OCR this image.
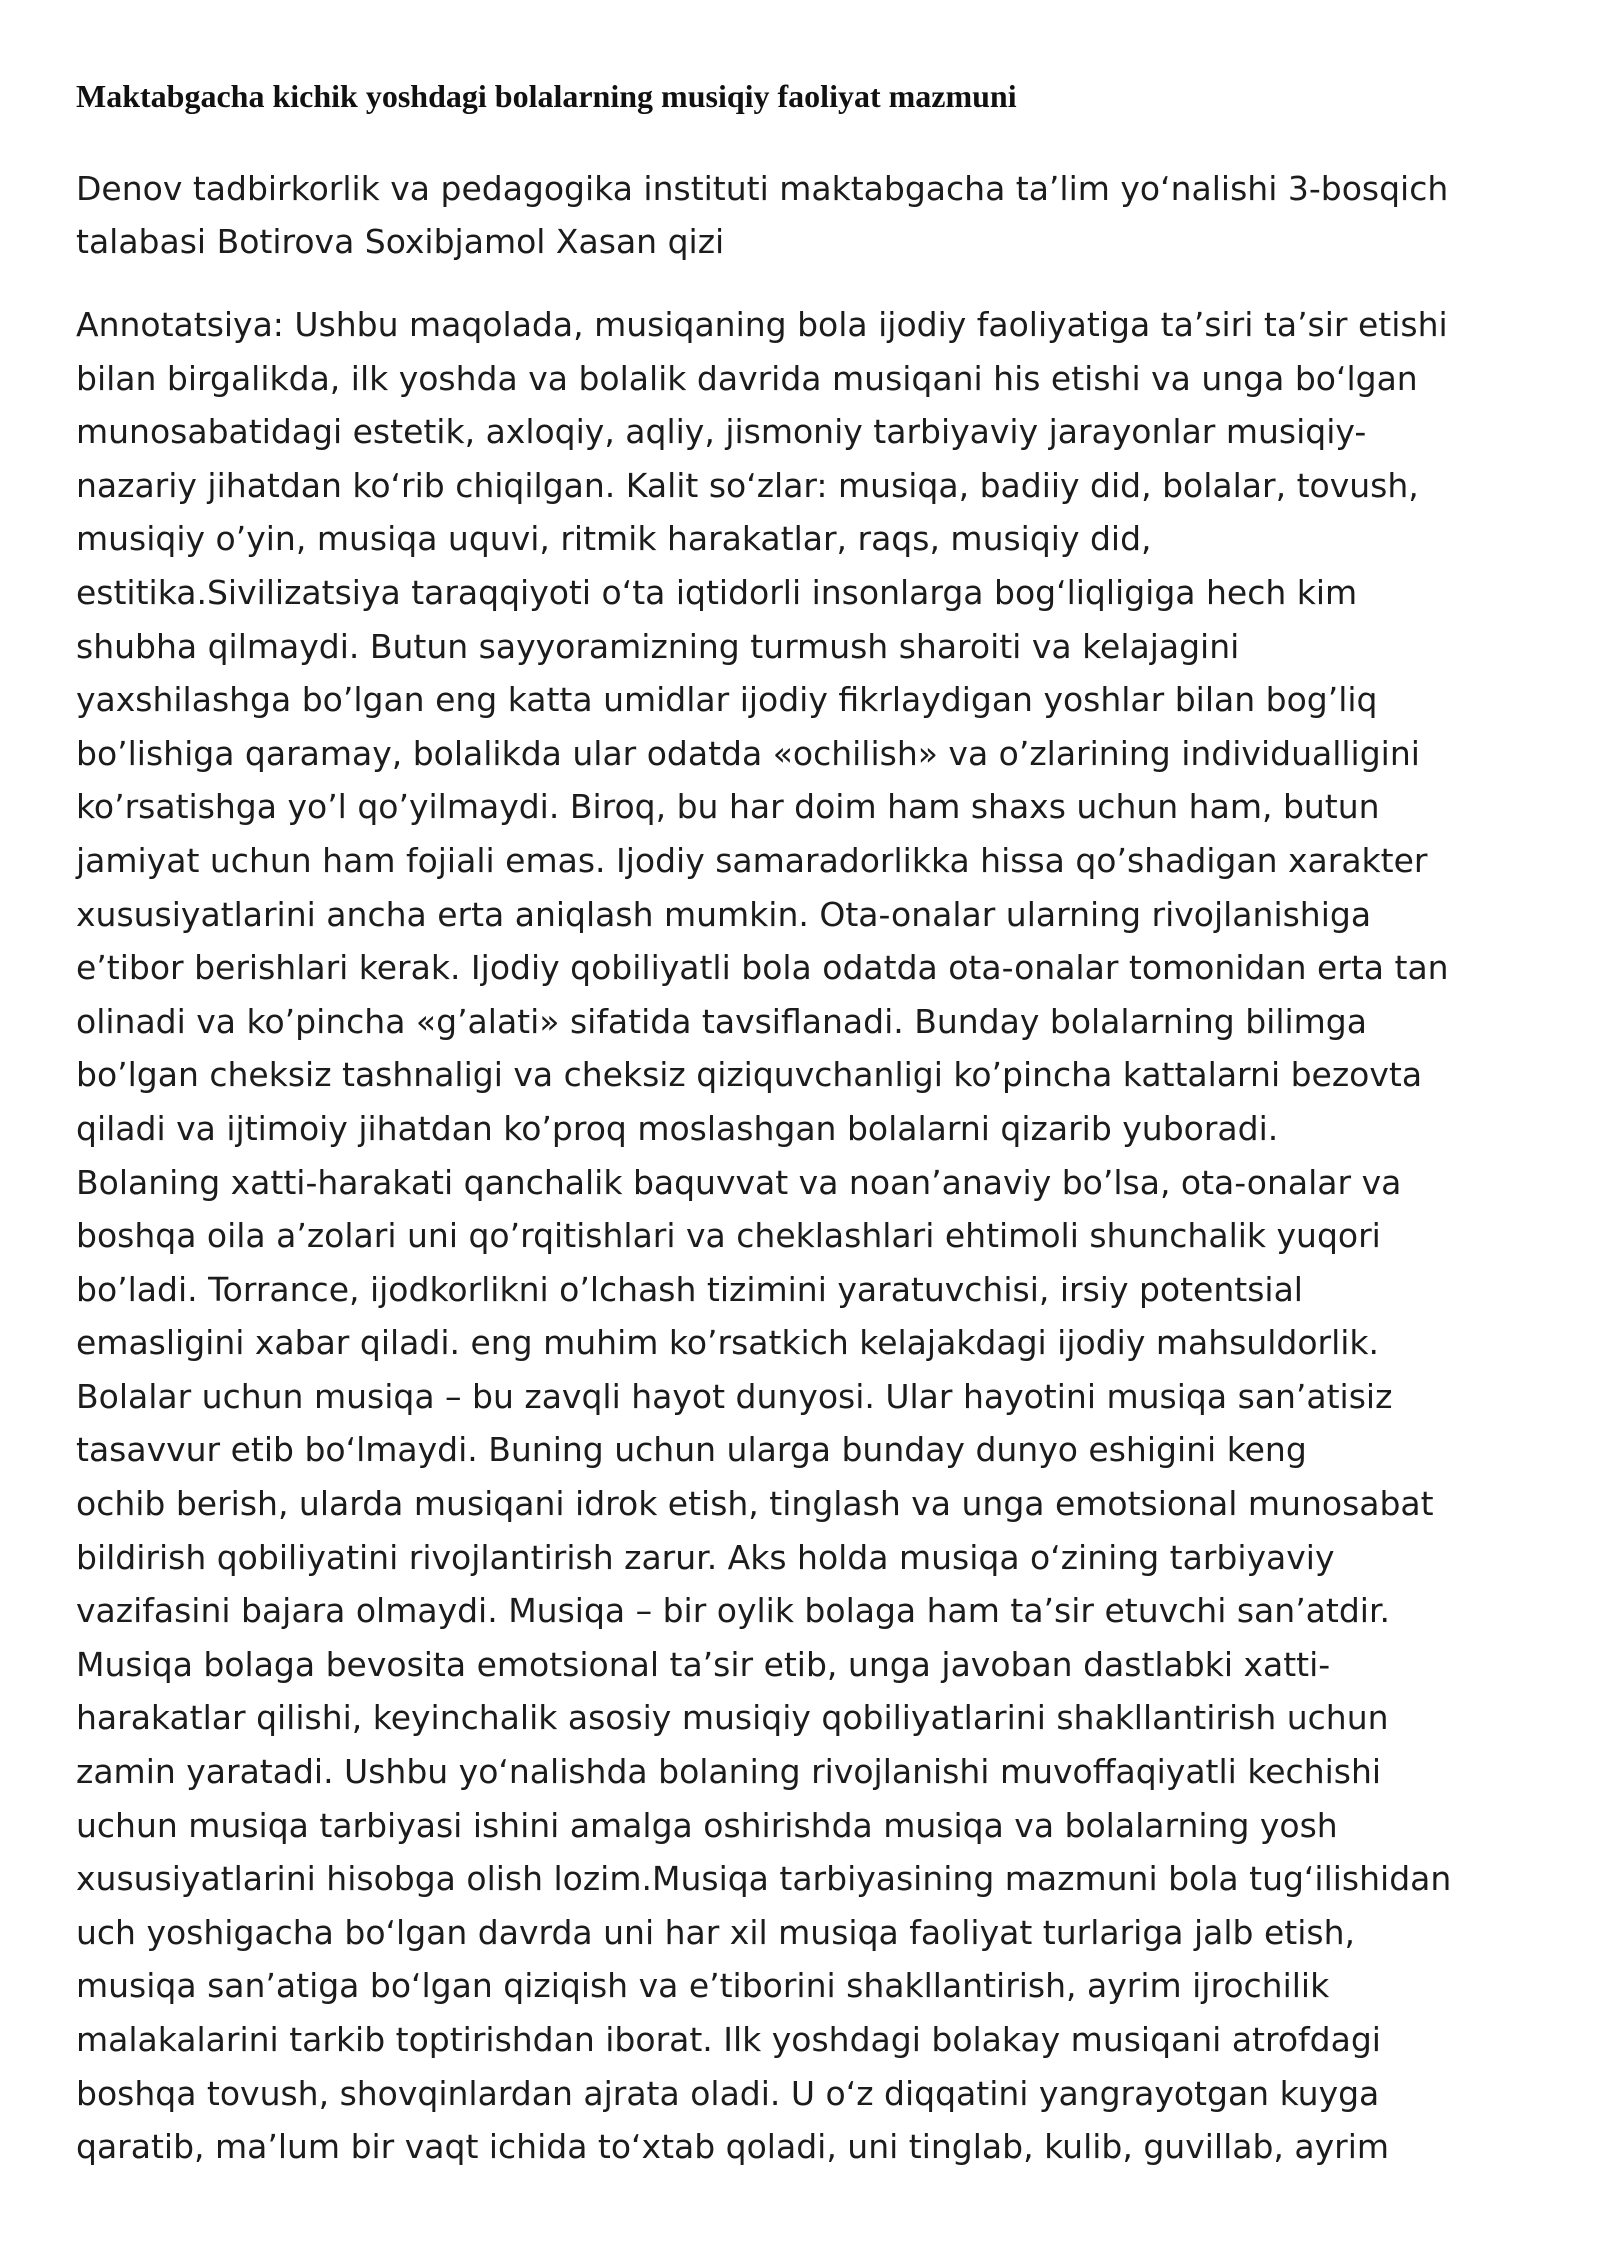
Maktabgacha kichik yoshdagi bolalarning musiqiy faoliyat mazmuni
Denov tadbirkorlik va pedagogika instituti maktabgacha ta’lim yo‘nalishi 3-bosqich
talabasi Botirova Soxibjamol Xasan qizi
Annotatsiya: Ushbu maqolada, musiqaning bola ijodiy faoliyatiga ta’siri ta’sir etishi
bilan birgalikda, ilk yoshda va bolalik davrida musiqani his etishi va unga bo‘lgan
munosabatidagi estetik, axloqiy, aqliy, jismoniy tarbiyaviy jarayonlar musiqiy-
nazariy jihatdan ko‘rib chiqilgan. Kalit so‘zlar: musiqa, badiiy did, bolalar, tovush,
musiqiy o’yin, musiqa uquvi, ritmik harakatlar, raqs, musiqiy did,
estitika.Sivilizatsiya taraqqiyoti o‘ta iqtidorli insonlarga bog‘liqligiga hech kim
shubha qilmaydi. Butun sayyoramizning turmush sharoiti va kelajagini
yaxshilashga bo’lgan eng katta umidlar ijodiy fikrlaydigan yoshlar bilan bog’liq
bo’lishiga qaramay, bolalikda ular odatda «ochilish» va o’zlarining individualligini
ko’rsatishga yo’l qo’yilmaydi. Biroq, bu har doim ham shaxs uchun ham, butun
jamiyat uchun ham fojiali emas. Ijodiy samaradorlikka hissa qo’shadigan xarakter
xususiyatlarini ancha erta aniqlash mumkin. Ota-onalar ularning rivojlanishiga
e’tibor berishlari kerak. Ijodiy qobiliyatli bola odatda ota-onalar tomonidan erta tan
olinadi va ko’pincha «g’alati» sifatida tavsiflanadi. Bunday bolalarning bilimga
bo’lgan cheksiz tashnaligi va cheksiz qiziquvchanligi ko’pincha kattalarni bezovta
qiladi va ijtimoiy jihatdan ko’proq moslashgan bolalarni qizarib yuboradi.
Bolaning xatti-harakati qanchalik baquvvat va noan’anaviy bo’lsa, ota-onalar va
boshqa oila a’zolari uni qo’rqitishlari va cheklashlari ehtimoli shunchalik yuqori
bo’ladi. Torrance, ijodkorlikni o’lchash tizimini yaratuvchisi, irsiy potentsial
emasligini xabar qiladi. eng muhim ko’rsatkich kelajakdagi ijodiy mahsuldorlik.
Bolalar uchun musiqa – bu zavqli hayot dunyosi. Ular hayotini musiqa san’atisiz
tasavvur etib bo‘lmaydi. Buning uchun ularga bunday dunyo eshigini keng
ochib berish, ularda musiqani idrok etish, tinglash va unga emotsional munosabat
bildirish qobiliyatini rivojlantirish zarur. Aks holda musiqa o‘zining tarbiyaviy
vazifasini bajara olmaydi. Musiqa – bir oylik bolaga ham ta’sir etuvchi san’atdir.
Musiqa bolaga bevosita emotsional ta’sir etib, unga javoban dastlabki xatti-
harakatlar qilishi, keyinchalik asosiy musiqiy qobiliyatlarini shakllantirish uchun
zamin yaratadi. Ushbu yo‘nalishda bolaning rivojlanishi muvoffaqiyatli kechishi
uchun musiqa tarbiyasi ishini amalga oshirishda musiqa va bolalarning yosh
xususiyatlarini hisobga olish lozim.Musiqa tarbiyasining mazmuni bola tug‘ilishidan
uch yoshigacha bo‘lgan davrda uni har xil musiqa faoliyat turlariga jalb etish,
musiqa san’atiga bo‘lgan qiziqish va e’tiborini shakllantirish, ayrim ijrochilik
malakalarini tarkib toptirishdan iborat. Ilk yoshdagi bolakay musiqani atrofdagi
boshqa tovush, shovqinlardan ajrata oladi. U o‘z diqqatini yangrayotgan kuyga
qaratib, ma’lum bir vaqt ichida to‘xtab qoladi, uni tinglab, kulib, guvillab, ayrim
